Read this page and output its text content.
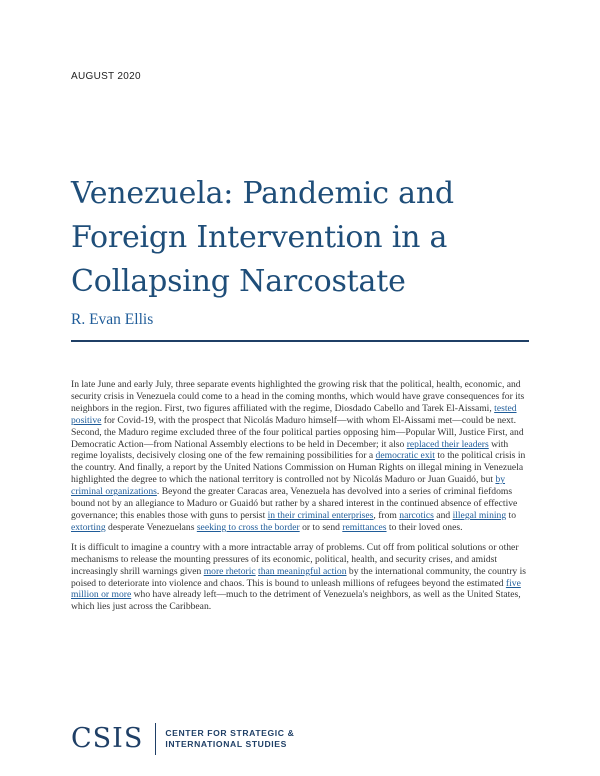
AUGUST 2020
Venezuela: Pandemic and
Foreign Intervention in a
Collapsing Narcostate
R. Evan Ellis

In late June and early July, three separate events highlighted the growing risk that the political, health, economic, and security crisis in Venezuela could come to a head in the coming months, which would have grave consequences for its neighbors in the region. First, two figures affiliated with the regime, Diosdado Cabello and Tarek El-Aissami, tested positive for Covid-19, with the prospect that Nicolás Maduro himself—with whom El-Aissami met—could be next. Second, the Maduro regime excluded three of the four political parties opposing him—Popular Will, Justice First, and Democratic Action—from National Assembly elections to be held in December; it also replaced their leaders with regime loyalists, decisively closing one of the few remaining possibilities for a democratic exit to the political crisis in the country. And finally, a report by the United Nations Commission on Human Rights on illegal mining in Venezuela highlighted the degree to which the national territory is controlled not by Nicolás Maduro or Juan Guaidó, but by criminal organizations. Beyond the greater Caracas area, Venezuela has devolved into a series of criminal fiefdoms bound not by an allegiance to Maduro or Guaidó but rather by a shared interest in the continued absence of effective governance; this enables those with guns to persist in their criminal enterprises, from narcotics and illegal mining to extorting desperate Venezuelans seeking to cross the border or to send remittances to their loved ones.

It is difficult to imagine a country with a more intractable array of problems. Cut off from political solutions or other mechanisms to release the mounting pressures of its economic, political, health, and security crises, and amidst increasingly shrill warnings given more rhetoric than meaningful action by the international community, the country is poised to deteriorate into violence and chaos. This is bound to unleash millions of refugees beyond the estimated five million or more who have already left—much to the detriment of Venezuela's neighbors, as well as the United States, which lies just across the Caribbean.

CSIS	CENTER FOR STRATEGIC &
INTERNATIONAL STUDIES
